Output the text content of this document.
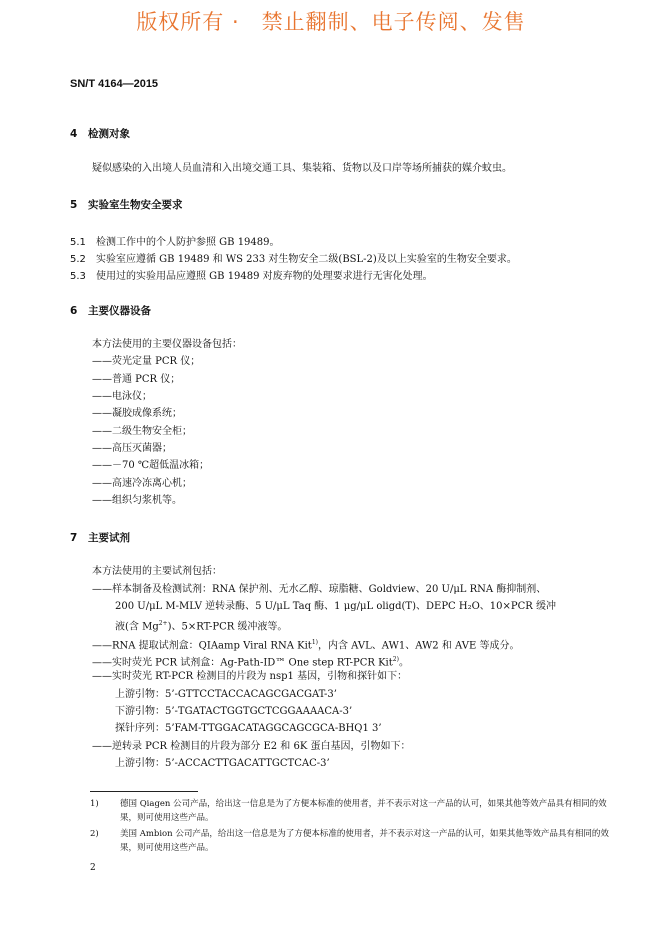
版权所有 ·　禁止翻制、电子传阅、发售
SN/T 4164—2015
4 检测对象
疑似感染的入出境人员血清和入出境交通工具、集装箱、货物以及口岸等场所捕获的媒介蚊虫。
5 实验室生物安全要求
5.1 检测工作中的个人防护参照 GB 19489。
5.2 实验室应遵循 GB 19489 和 WS 233 对生物安全二级(BSL-2)及以上实验室的生物安全要求。
5.3 使用过的实验用品应遵照 GB 19489 对废弃物的处理要求进行无害化处理。
6 主要仪器设备
本方法使用的主要仪器设备包括：
——荧光定量 PCR 仪；
——普通 PCR 仪；
——电泳仪；
——凝胶成像系统；
——二级生物安全柜；
——高压灭菌器；
——－70 ℃超低温冰箱；
——高速冷冻离心机；
——组织匀浆机等。
7 主要试剂
本方法使用的主要试剂包括：
——样本制备及检测试剂：RNA 保护剂、无水乙醇、琼脂糖、Goldview、20 U/μL RNA 酶抑制剂、
200 U/μL M-MLV 逆转录酶、5 U/μL Taq 酶、1 μg/μL oligd(T)、DEPC H₂O、10×PCR 缓冲
液(含 $Mg^{2+}$)、5×RT-PCR 缓冲液等。
——RNA 提取试剂盒：QIAamp Viral RNA Kit$^{1)}$，内含 AVL、AW1、AW2 和 AVE 等成分。
——实时荧光 PCR 试剂盒：Ag-Path-ID™ One step RT-PCR Kit$^{2)}$。
——实时荧光 RT-PCR 检测目的片段为 nsp1 基因，引物和探针如下：
上游引物：5’-GTTCCTACCACAGCGACGAT-3’
下游引物：5’-TGATACTGGTGCTCGGAAAACA-3’
探针序列：5’FAM-TTGGACATAGGCAGCGCA-BHQ1 3’
——逆转录 PCR 检测目的片段为部分 E2 和 6K 蛋白基因，引物如下：
上游引物：5’-ACCACTTGACATTGCTCAC-3’
1)	德国 Qiagen 公司产品，给出这一信息是为了方便本标准的使用者，并不表示对这一产品的认可，如果其他等效产品具有相同的效果，则可使用这些产品。
2)	美国 Ambion 公司产品，给出这一信息是为了方便本标准的使用者，并不表示对这一产品的认可，如果其他等效产品具有相同的效果，则可使用这些产品。
2
